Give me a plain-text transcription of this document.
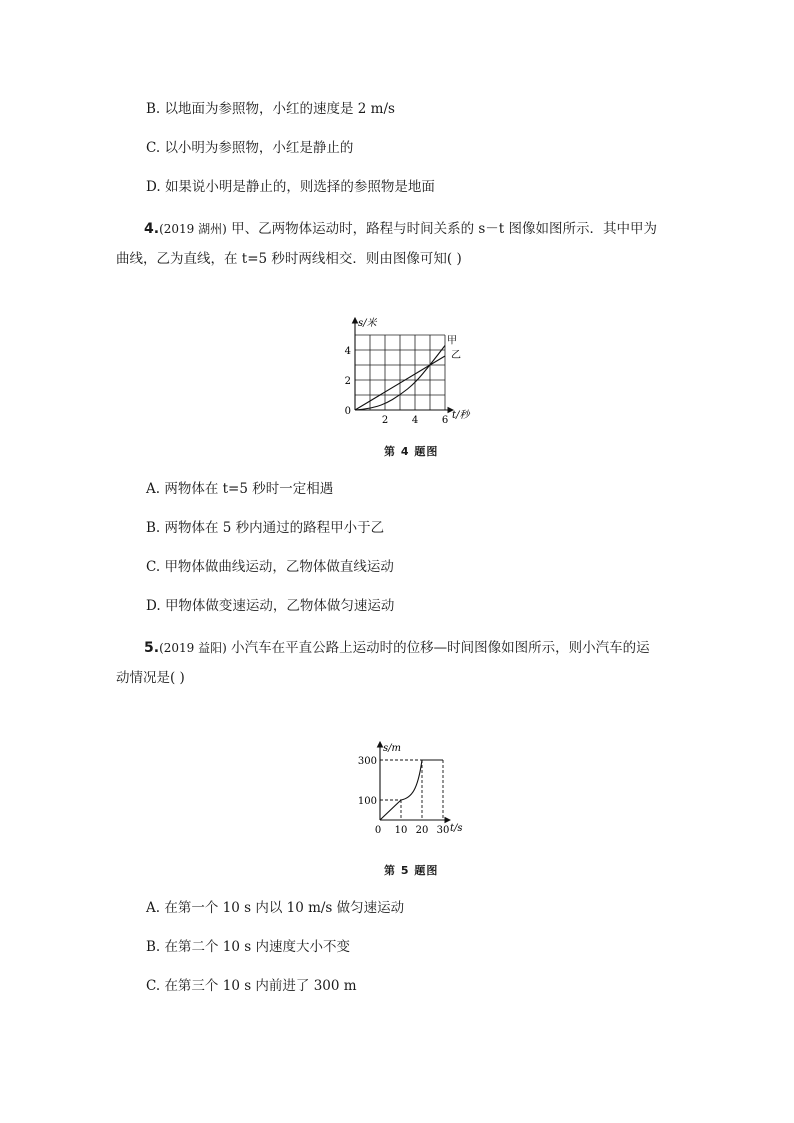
B. 以地面为参照物，小红的速度是 2 m/s
C. 以小明为参照物，小红是静止的
D. 如果说小明是静止的，则选择的参照物是地面
4.(2019 湖州) 甲、乙两物体运动时，路程与时间关系的 s－t 图像如图所示．其中甲为
曲线，乙为直线，在 t=5 秒时两线相交．则由图像可知( )
s/米
t/秒
2 4 6
0
2
4
甲
乙
第 4 题图
A. 两物体在 t=5 秒时一定相遇
B. 两物体在 5 秒内通过的路程甲小于乙
C. 甲物体做曲线运动，乙物体做直线运动
D. 甲物体做变速运动，乙物体做匀速运动
5.(2019 益阳) 小汽车在平直公路上运动时的位移—时间图像如图所示，则小汽车的运
动情况是( )
s/m
t/s
0 10 20 30
100
300
第 5 题图
A. 在第一个 10 s 内以 10 m/s 做匀速运动
B. 在第二个 10 s 内速度大小不变
C. 在第三个 10 s 内前进了 300 m
